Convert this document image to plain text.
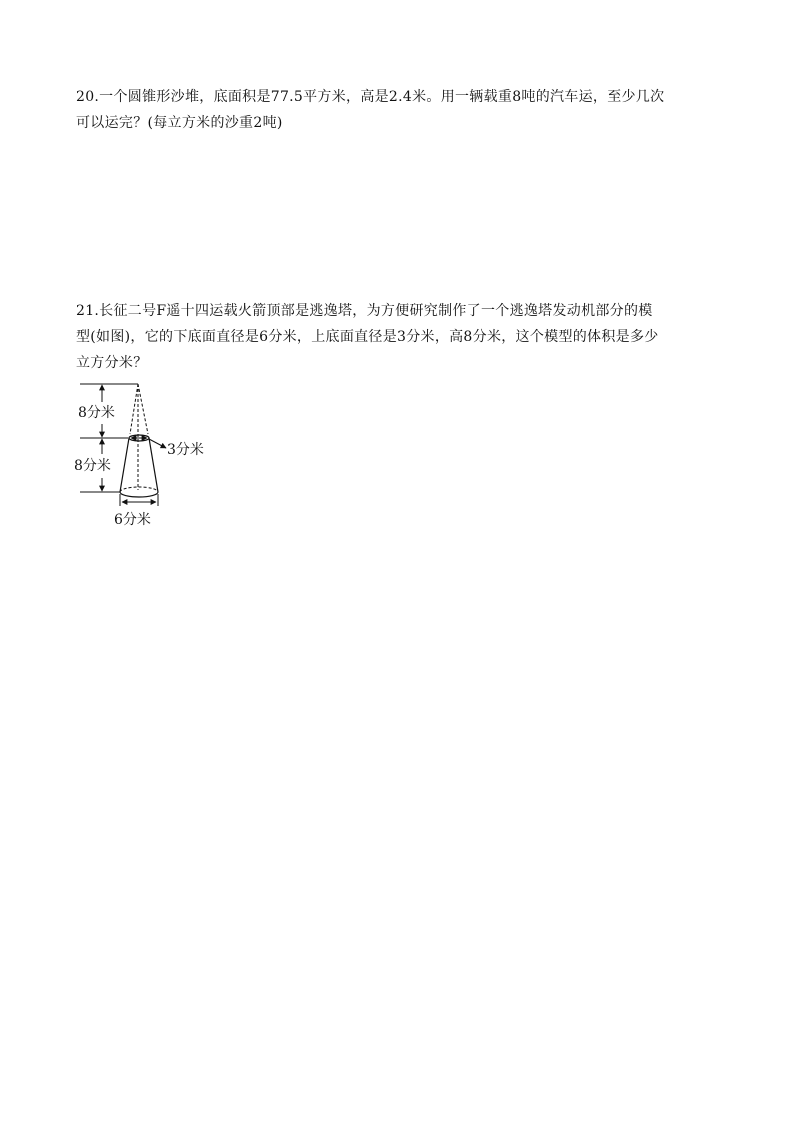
20.一个圆锥形沙堆，底面积是77.5平方米，高是2.4米。用一辆载重8吨的汽车运，至少几次
可以运完？(每立方米的沙重2吨)
21.长征二号F遥十四运载火箭顶部是逃逸塔，为方便研究制作了一个逃逸塔发动机部分的模
型(如图)，它的下底面直径是6分米，上底面直径是3分米，高8分米，这个模型的体积是多少
立方分米？
8分米
8分米
3分米
6分米
